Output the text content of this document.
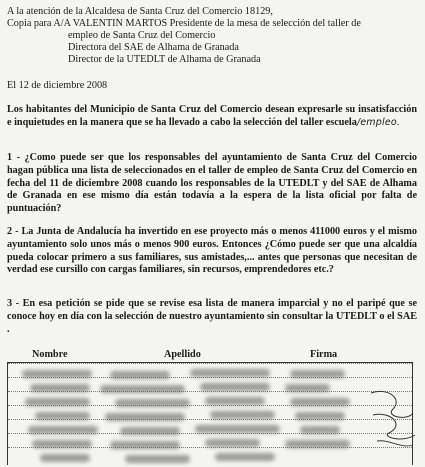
A la atención de la Alcaldesa de Santa Cruz del Comercio 18129,
Copia para A/A VALENTIN MARTOS Presidente de la mesa de selección del taller de
empleo de Santa Cruz del Comercio
Directora del SAE de Alhama de Granada
Director de la UTEDLT de Alhama de Granada
El 12 de diciembre 2008
Los habitantes del Municipio de Santa Cruz del Comercio desean expresarle su insatisfacción e inquietudes en la manera que se ha llevado a cabo la selección del taller escuela/empleo.
1 - ¿Como puede ser que los responsables del ayuntamiento de Santa Cruz del Comercio hagan pública una lista de seleccionados en el taller de empleo de Santa Cruz del Comercio en fecha del 11 de diciembre 2008 cuando los responsables de la UTEDLT y del SAE de Alhama de Granada en ese mismo día están todavía a la espera de la lista oficial por falta de puntuación?
2 - La Junta de Andalucía ha invertido en ese proyecto más o menos 411000 euros y el mismo ayuntamiento solo unos más o menos 900 euros. Entonces ¿Cómo puede ser que una alcaldía pueda colocar primero a sus familiares, sus amistades,... antes que personas que necesitan de verdad ese cursillo con cargas familiares, sin recursos, emprendedores etc.?
3 - En esa petición se pide que se revise esa lista de manera imparcial y no el paripé que se conoce hoy en día con la selección de nuestro ayuntamiento sin consultar la UTEDLT o el SAE .
Nombre	Apellido	Firma
